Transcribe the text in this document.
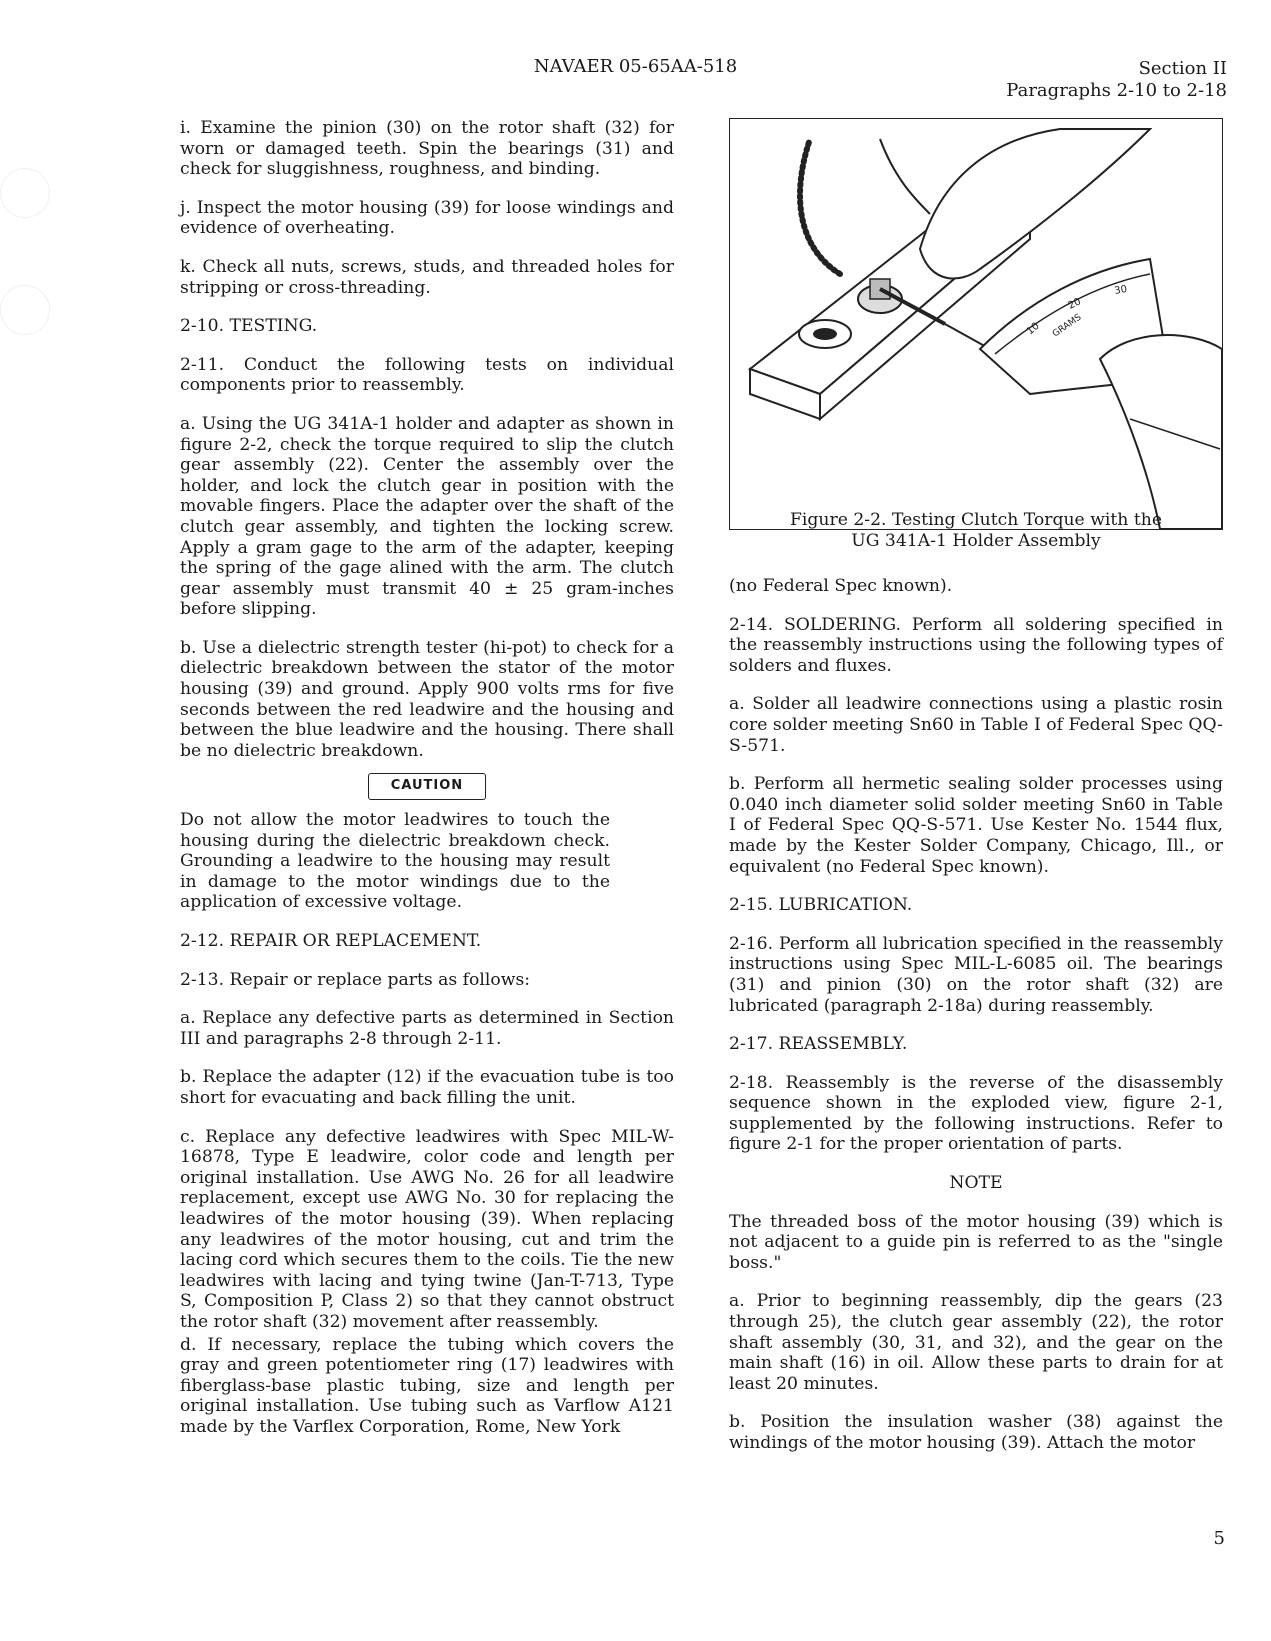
NAVAER 05-65AA-518	Section II
Paragraphs 2-10 to 2-18

i. Examine the pinion (30) on the rotor shaft (32) for worn or damaged teeth. Spin the bearings (31) and check for sluggishness, roughness, and binding.

j. Inspect the motor housing (39) for loose windings and evidence of overheating.

k. Check all nuts, screws, studs, and threaded holes for stripping or cross-threading.

2-10. TESTING.

2-11. Conduct the following tests on individual components prior to reassembly.

a. Using the UG 341A-1 holder and adapter as shown in figure 2-2, check the torque required to slip the clutch gear assembly (22). Center the assembly over the holder, and lock the clutch gear in position with the movable fingers. Place the adapter over the shaft of the clutch gear assembly, and tighten the locking screw. Apply a gram gage to the arm of the adapter, keeping the spring of the gage alined with the arm. The clutch gear assembly must transmit 40 ± 25 gram-inches before slipping.

b. Use a dielectric strength tester (hi-pot) to check for a dielectric breakdown between the stator of the motor housing (39) and ground. Apply 900 volts rms for five seconds between the red leadwire and the housing and between the blue leadwire and the housing. There shall be no dielectric breakdown.

CAUTION

Do not allow the motor leadwires to touch the housing during the dielectric breakdown check. Grounding a leadwire to the housing may result in damage to the motor windings due to the application of excessive voltage.

2-12. REPAIR OR REPLACEMENT.

2-13. Repair or replace parts as follows:

a. Replace any defective parts as determined in Section III and paragraphs 2-8 through 2-11.

b. Replace the adapter (12) if the evacuation tube is too short for evacuating and back filling the unit.

c. Replace any defective leadwires with Spec MIL-W-16878, Type E leadwire, color code and length per original installation. Use AWG No. 26 for all leadwire replacement, except use AWG No. 30 for replacing the leadwires of the motor housing (39). When replacing any leadwires of the motor housing, cut and trim the lacing cord which secures them to the coils. Tie the new leadwires with lacing and tying twine (Jan-T-713, Type S, Composition P, Class 2) so that they cannot obstruct the rotor shaft (32) movement after reassembly.

d. If necessary, replace the tubing which covers the gray and green potentiometer ring (17) leadwires with fiberglass-base plastic tubing, size and length per original installation. Use tubing such as Varflow A121 made by the Varflex Corporation, Rome, New York

10
20
30
GRAMS
Figure 2-2. Testing Clutch Torque with the
UG 341A-1 Holder Assembly

(no Federal Spec known).

2-14. SOLDERING. Perform all soldering specified in the reassembly instructions using the following types of solders and fluxes.

a. Solder all leadwire connections using a plastic rosin core solder meeting Sn60 in Table I of Federal Spec QQ-S-571.

b. Perform all hermetic sealing solder processes using 0.040 inch diameter solid solder meeting Sn60 in Table I of Federal Spec QQ-S-571. Use Kester No. 1544 flux, made by the Kester Solder Company, Chicago, Ill., or equivalent (no Federal Spec known).

2-15. LUBRICATION.

2-16. Perform all lubrication specified in the reassembly instructions using Spec MIL-L-6085 oil. The bearings (31) and pinion (30) on the rotor shaft (32) are lubricated (paragraph 2-18a) during reassembly.

2-17. REASSEMBLY.

2-18. Reassembly is the reverse of the disassembly sequence shown in the exploded view, figure 2-1, supplemented by the following instructions. Refer to figure 2-1 for the proper orientation of parts.

NOTE

The threaded boss of the motor housing (39) which is not adjacent to a guide pin is referred to as the "single boss."

a. Prior to beginning reassembly, dip the gears (23 through 25), the clutch gear assembly (22), the rotor shaft assembly (30, 31, and 32), and the gear on the main shaft (16) in oil. Allow these parts to drain for at least 20 minutes.

b. Position the insulation washer (38) against the windings of the motor housing (39). Attach the motor

5
